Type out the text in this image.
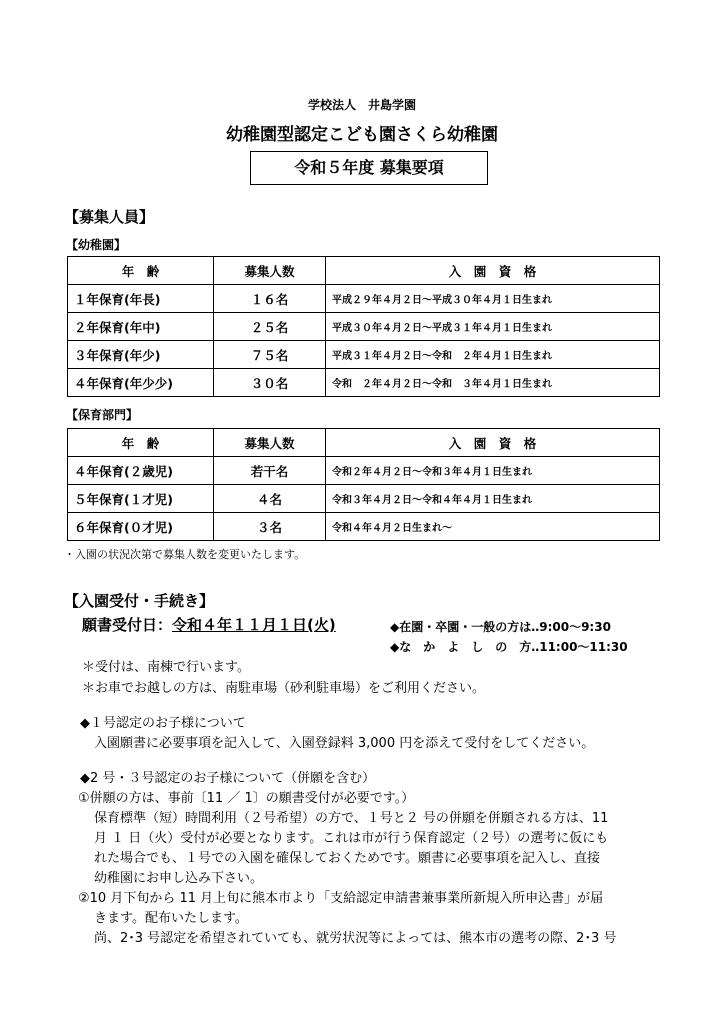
学校法人　井島学園
幼稚園型認定こども園さくら幼稚園
令和５年度 募集要項
【募集人員】
【幼稚園】
年　齢	募集人数	入　園　資　格
１年保育(年長)	１６名	平成２９年４月２日～平成３０年４月１日生まれ
２年保育(年中)	２５名	平成３０年４月２日～平成３１年４月１日生まれ
３年保育(年少)	７５名	平成３１年４月２日～令和　２年４月１日生まれ
４年保育(年少少)	３０名	令和　２年４月２日～令和　３年４月１日生まれ
【保育部門】
年　齢	募集人数	入　園　資　格
４年保育(２歳児)	若干名	令和２年４月２日～令和３年４月１日生まれ
５年保育(１才児)	４名	令和３年４月２日～令和４年４月１日生まれ
６年保育(０才児)	３名	令和４年４月２日生まれ～
・入園の状況次第で募集人数を変更いたします。
【入園受付・手続き】
願書受付日：令和４年１１月１日(火)	◆在園・卒園・一般の方は‥9:00～9:30
◆な　か　よ　し　の　方‥11:00～11:30
＊受付は、南棟で行います。
＊お車でお越しの方は、南駐車場（砂利駐車場）をご利用ください。
◆１号認定のお子様について
入園願書に必要事項を記入して、入園登録料 3,000 円を添えて受付をしてください。
◆2 号・３号認定のお子様について（併願を含む）
①併願の方は、事前〔11 ／ 1〕の願書受付が必要です。）
保育標準（短）時間利用（２号希望）の方で、１号と２ 号の併願を併願される方は、11
月 １ 日（火）受付が必要となります。これは市が行う保育認定（２号）の選考に仮にも
れた場合でも、１号での入園を確保しておくためです。願書に必要事項を記入し、直接
幼稚園にお申し込み下さい。
②10 月下旬から 11 月上旬に熊本市より「支給認定申請書兼事業所新規入所申込書」が届
きます。配布いたします。
尚、2･3 号認定を希望されていても、就労状況等によっては、熊本市の選考の際、2･3 号
